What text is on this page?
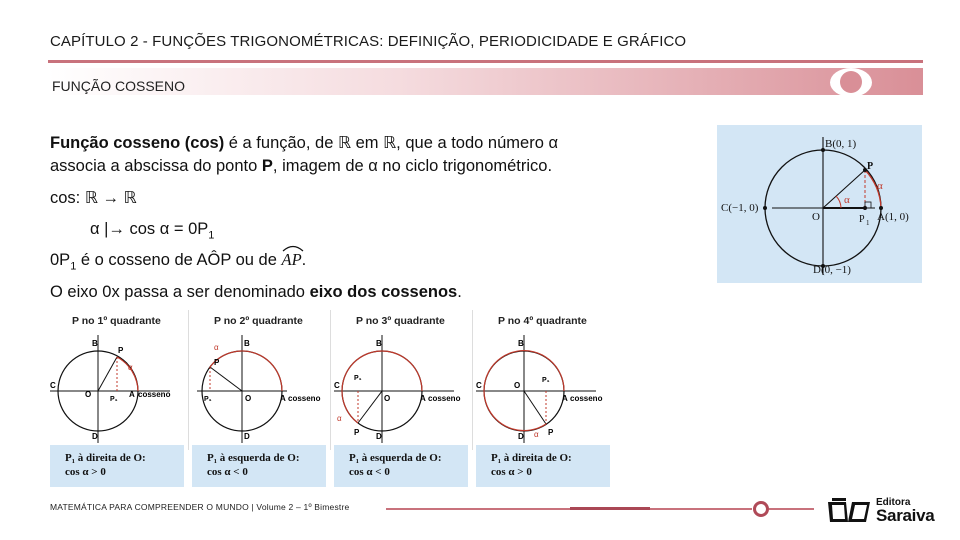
CAPÍTULO 2 - FUNÇÕES TRIGONOMÉTRICAS: DEFINIÇÃO, PERIODICIDADE E GRÁFICO
FUNÇÃO COSSENO
Função cosseno (cos) é a função, de ℝ em ℝ, que a todo número α
associa a abscissa do ponto P, imagem de α no ciclo trigonométrico.
cos: ℝ → ℝ
α |→ $\cos \alpha = 0P_1$
$0P_1$ é o cosseno de AÔP ou de AP
.
O eixo 0x passa a ser denominado eixo dos cossenos.
B(0, 1)
C(−1, 0)
O	A(1, 0)
D(0, −1)
P
P 1
α
α
P no 1º quadrante
C
O
B
D
P
P₁
α
A cosseno
P₁ à direita de O:
cos α > 0
P no 2º quadrante
P
α
P₁
B
D
O	A cosseno
P₁ à esquerda de O:
cos α < 0
P no 3º quadrante
C
P₁
O
α
P D
B
A cosseno
P₁ à esquerda de O:
cos α < 0
P no 4º quadrante
C	O
P₁
B
D	P
α
A cosseno
P₁ à direita de O:
cos α > 0
MATEMÁTICA PARA COMPREENDER O MUNDO | Volume 2 – 1º Bimestre	Editora
Saraiva
